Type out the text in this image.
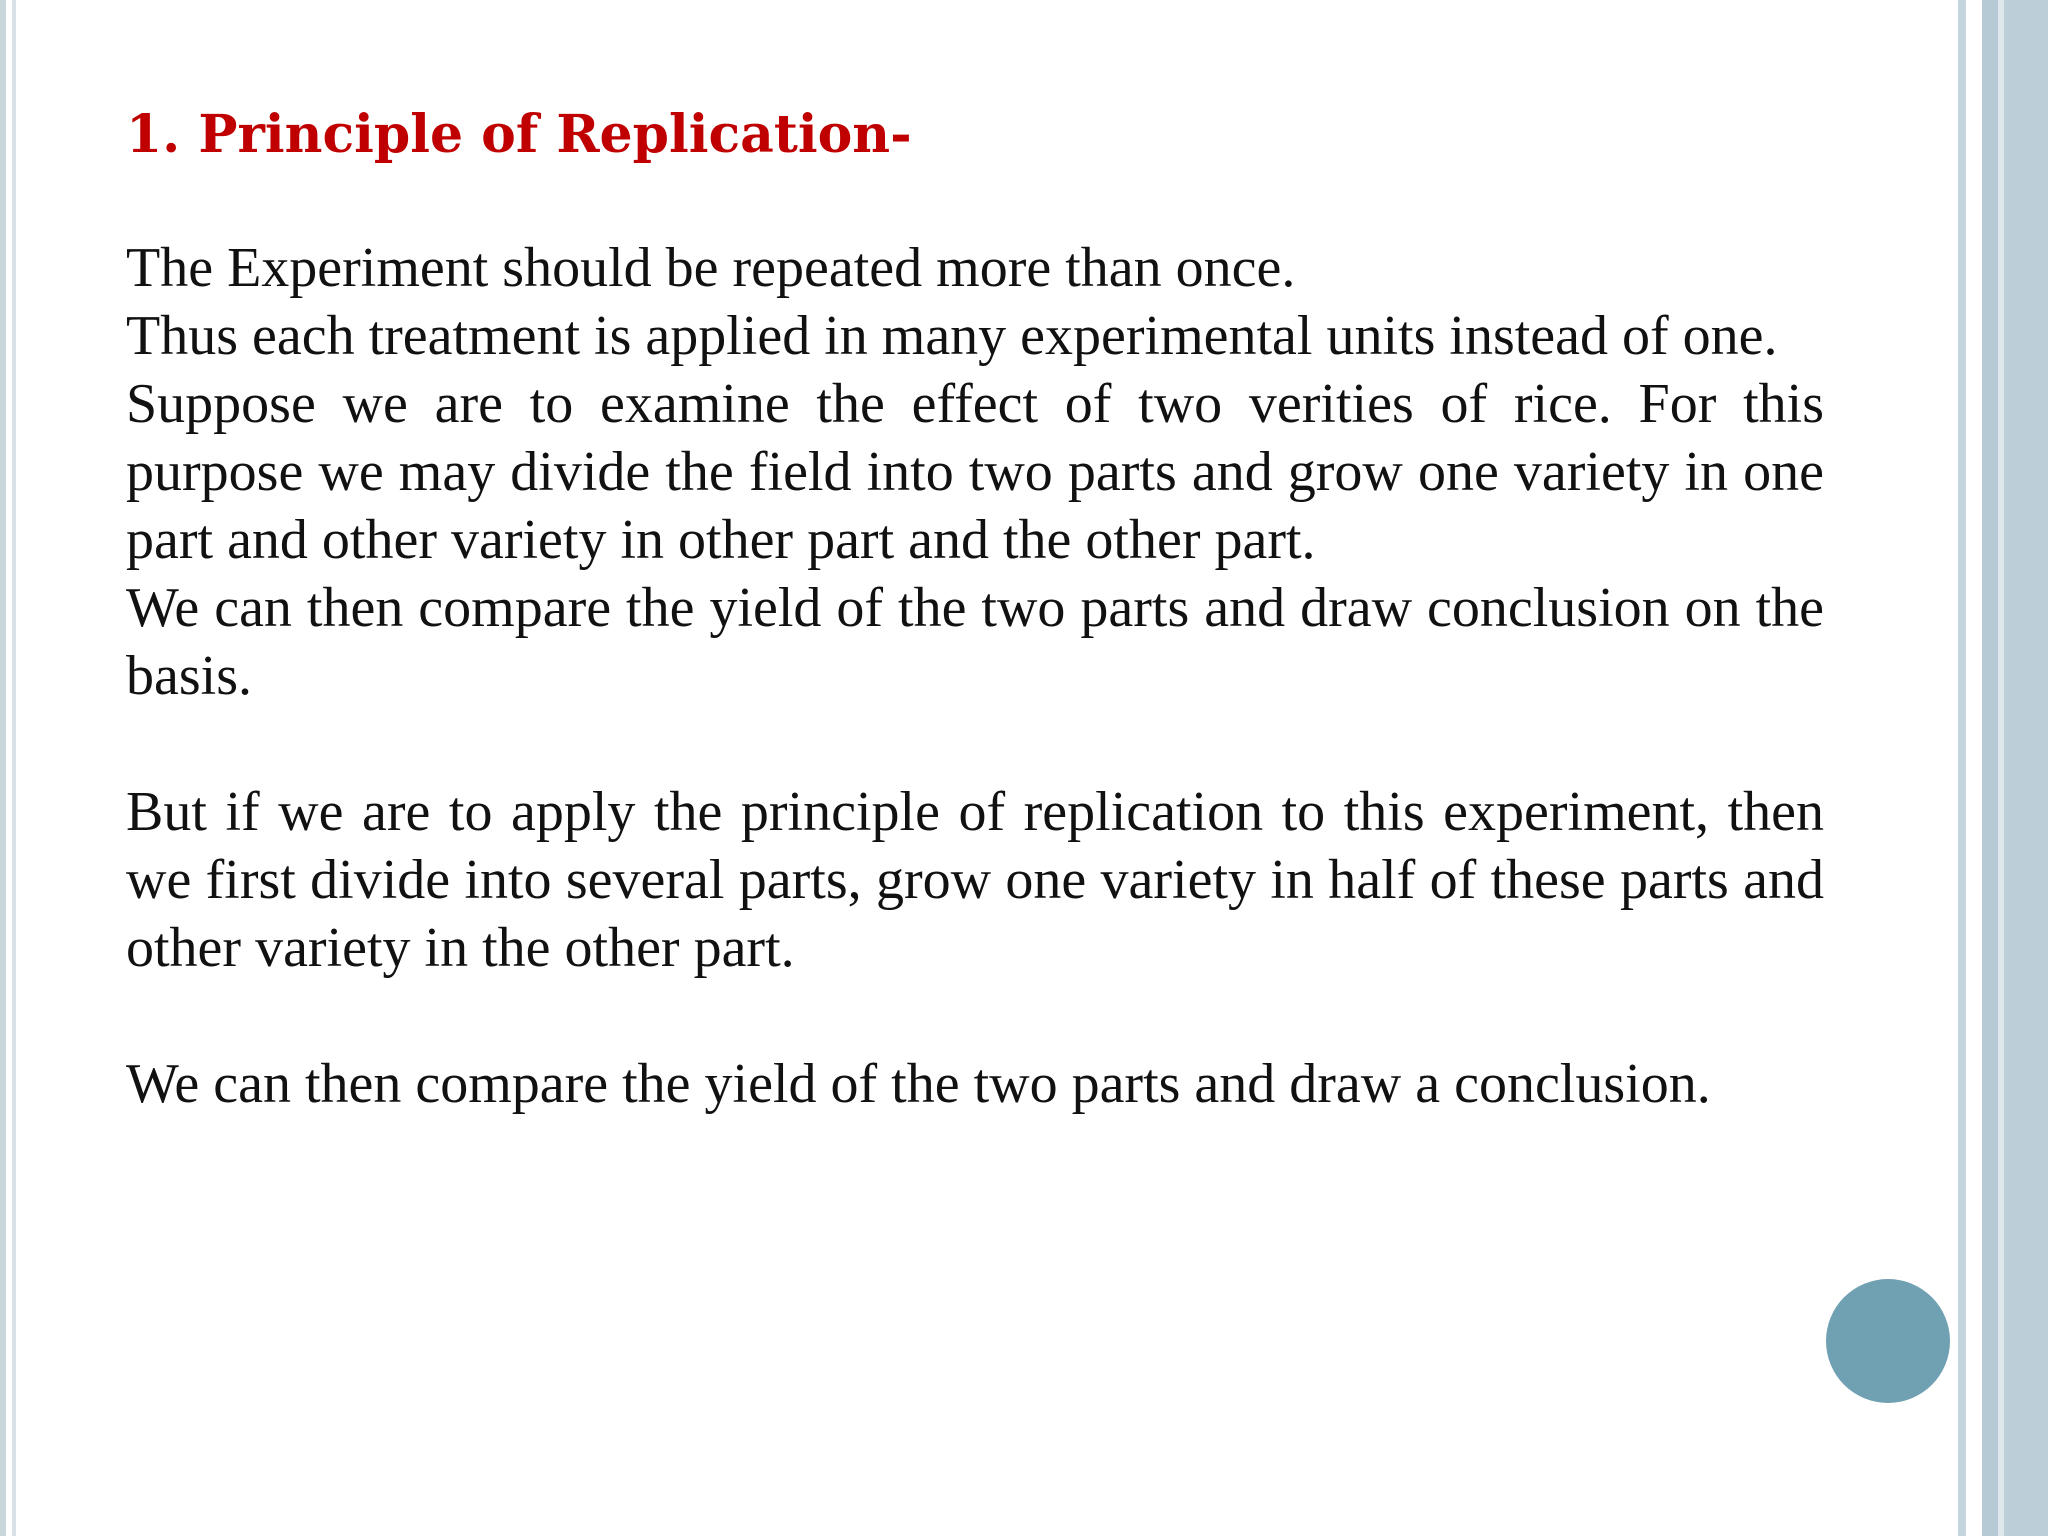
1. Principle of Replication-

The Experiment should be repeated more than once.

Thus each treatment is applied in many experimental units instead of one.

Suppose we are to examine the effect of two verities of rice. For this purpose we may divide the field into two parts and grow one variety in one part and other variety in other part and the other part.

We can then compare the yield of the two parts and draw conclusion on the basis.

But if we are to apply the principle of replication to this experiment, then we first divide into several parts, grow one variety in half of these parts and other variety in the other part.

We can then compare the yield of the two parts and draw a conclusion.
